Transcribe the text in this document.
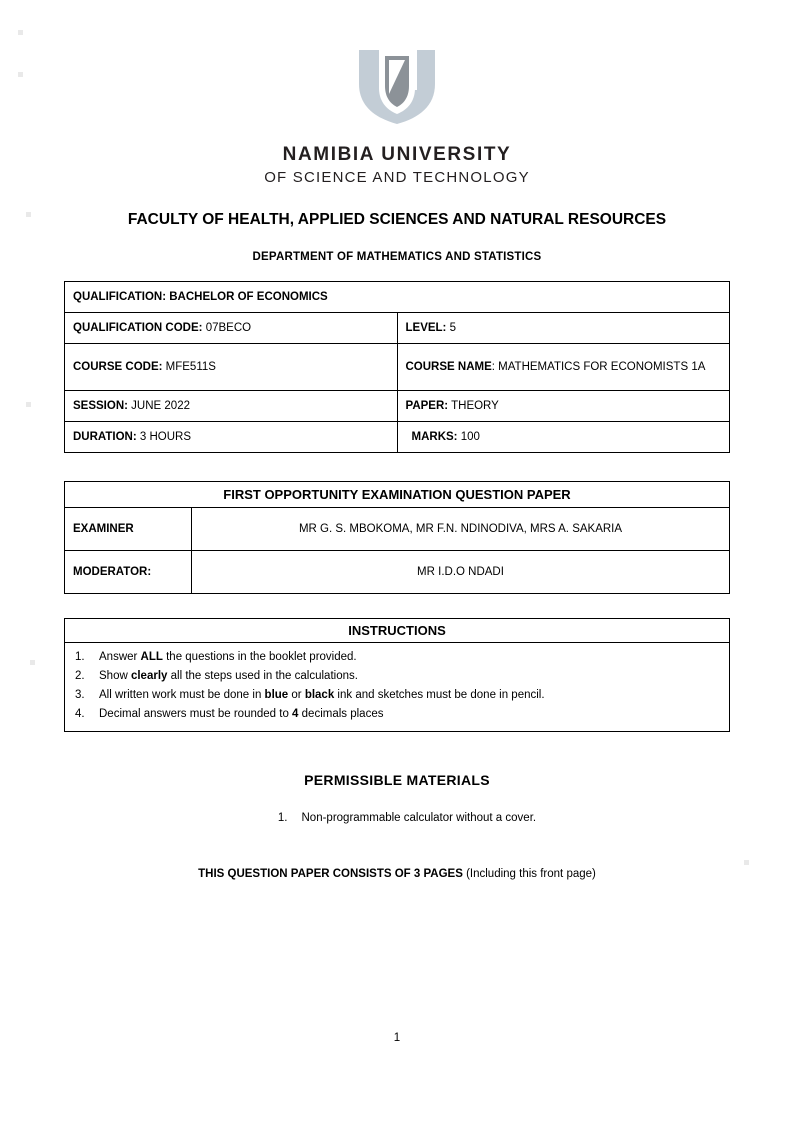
NAMIBIA UNIVERSITY
OF SCIENCE AND TECHNOLOGY
FACULTY OF HEALTH, APPLIED SCIENCES AND NATURAL RESOURCES
DEPARTMENT OF MATHEMATICS AND STATISTICS
QUALIFICATION: BACHELOR OF ECONOMICS	
QUALIFICATION CODE: 07BECO	LEVEL: 5
COURSE CODE: MFE511S	COURSE NAME: MATHEMATICS FOR ECONOMISTS 1A
SESSION: JUNE 2022	PAPER: THEORY
DURATION: 3 HOURS	MARKS: 100
FIRST OPPORTUNITY EXAMINATION QUESTION PAPER	
EXAMINER	MR G. S. MBOKOMA, MR F.N. NDINODIVA, MRS A. SAKARIA
MODERATOR:	MR I.D.O NDADI
INSTRUCTIONS

1. Answer ALL the questions in the booklet provided.
2. Show clearly all the steps used in the calculations.
3. All written work must be done in blue or black ink and sketches must be done in pencil.
4. Decimal answers must be rounded to 4 decimals places
PERMISSIBLE MATERIALS
1. Non-programmable calculator without a cover.
THIS QUESTION PAPER CONSISTS OF 3 PAGES (Including this front page)
1
